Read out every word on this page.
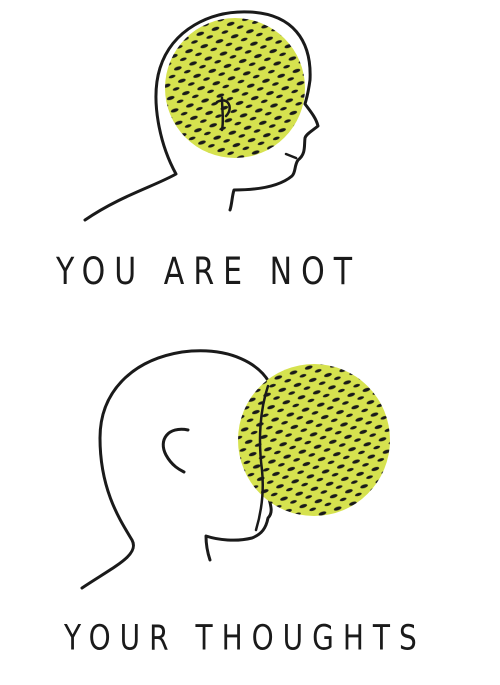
YOU ARE NOT
YOUR THOUGHTS
